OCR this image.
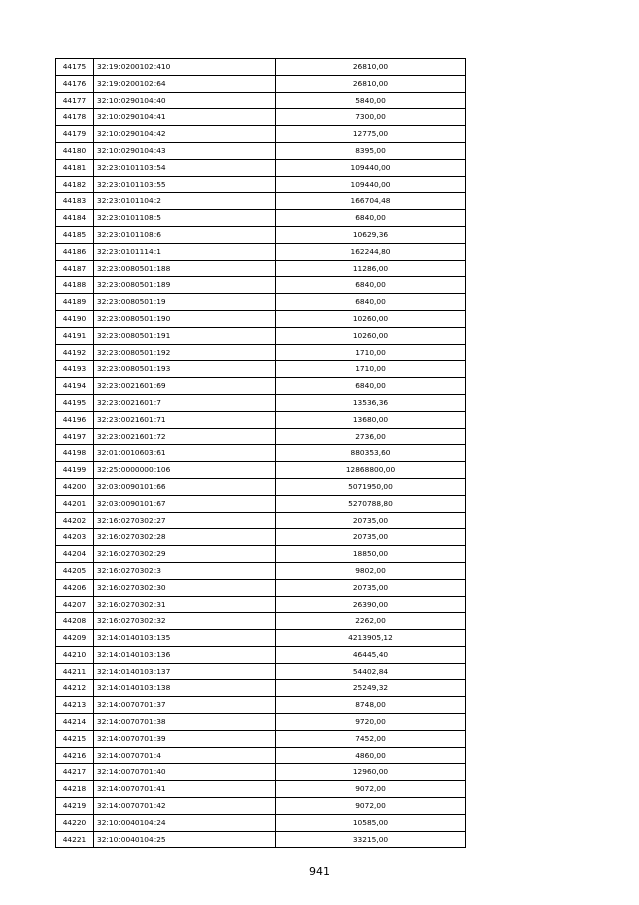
44175	32:19:0200102:410	26810,00
44176	32:19:0200102:64	26810,00
44177	32:10:0290104:40	5840,00
44178	32:10:0290104:41	7300,00
44179	32:10:0290104:42	12775,00
44180	32:10:0290104:43	8395,00
44181	32:23:0101103:54	109440,00
44182	32:23:0101103:55	109440,00
44183	32:23:0101104:2	166704,48
44184	32:23:0101108:5	6840,00
44185	32:23:0101108:6	10629,36
44186	32:23:0101114:1	162244,80
44187	32:23:0080501:188	11286,00
44188	32:23:0080501:189	6840,00
44189	32:23:0080501:19	6840,00
44190	32:23:0080501:190	10260,00
44191	32:23:0080501:191	10260,00
44192	32:23:0080501:192	1710,00
44193	32:23:0080501:193	1710,00
44194	32:23:0021601:69	6840,00
44195	32:23:0021601:7	13536,36
44196	32:23:0021601:71	13680,00
44197	32:23:0021601:72	2736,00
44198	32:01:0010603:61	880353,60
44199	32:25:0000000:106	12868800,00
44200	32:03:0090101:66	5071950,00
44201	32:03:0090101:67	5270788,80
44202	32:16:0270302:27	20735,00
44203	32:16:0270302:28	20735,00
44204	32:16:0270302:29	18850,00
44205	32:16:0270302:3	9802,00
44206	32:16:0270302:30	20735,00
44207	32:16:0270302:31	26390,00
44208	32:16:0270302:32	2262,00
44209	32:14:0140103:135	4213905,12
44210	32:14:0140103:136	46445,40
44211	32:14:0140103:137	54402,84
44212	32:14:0140103:138	25249,32
44213	32:14:0070701:37	8748,00
44214	32:14:0070701:38	9720,00
44215	32:14:0070701:39	7452,00
44216	32:14:0070701:4	4860,00
44217	32:14:0070701:40	12960,00
44218	32:14:0070701:41	9072,00
44219	32:14:0070701:42	9072,00
44220	32:10:0040104:24	10585,00
44221	32:10:0040104:25	33215,00
941
